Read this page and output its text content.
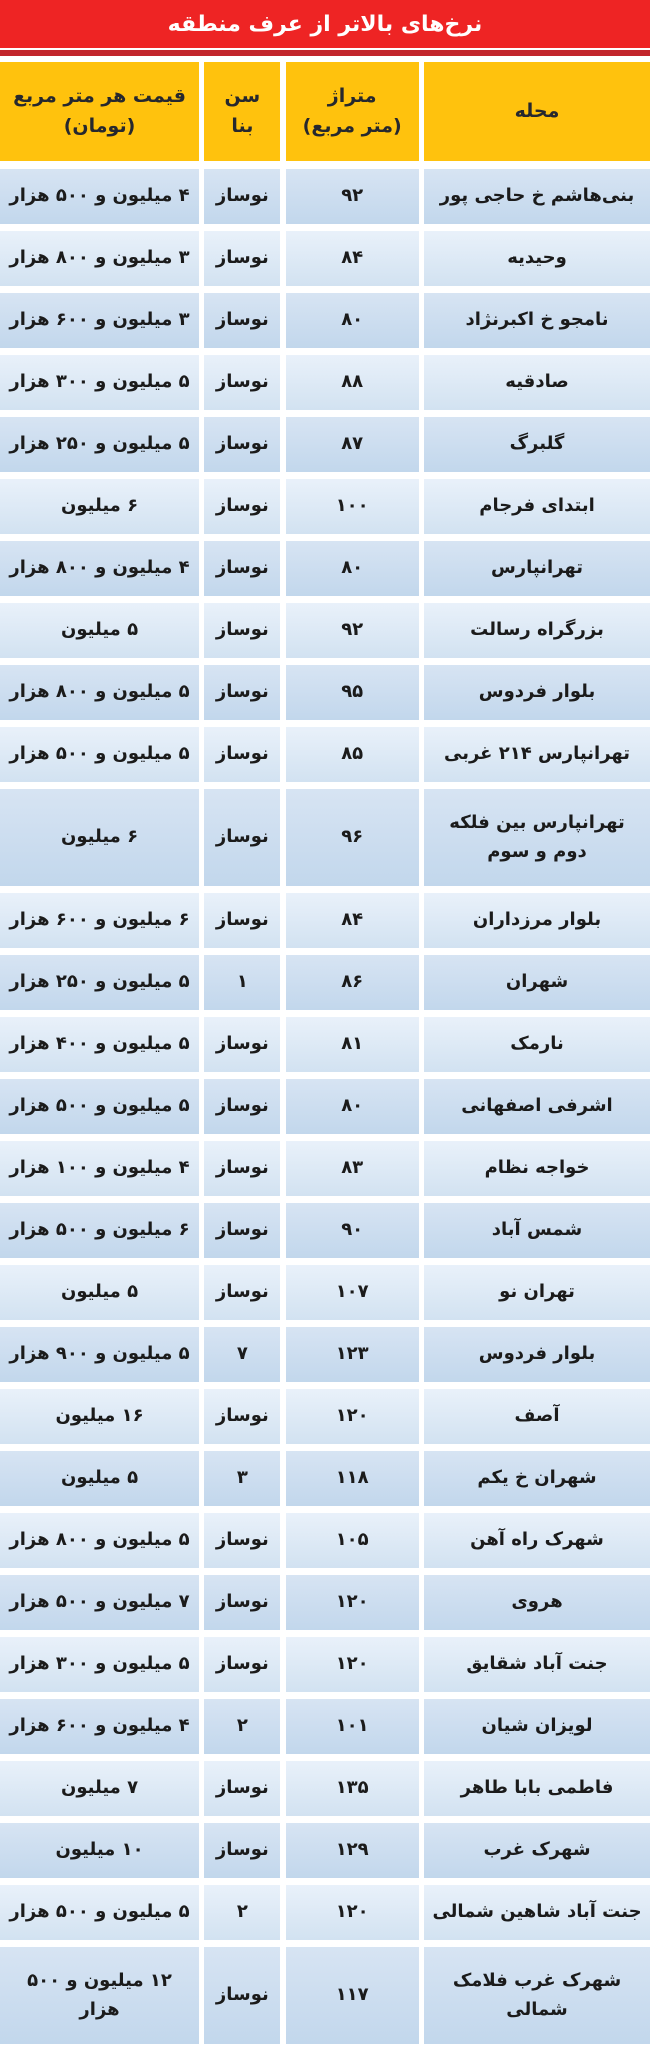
نرخ‌های بالاتر از عرف منطقه
محله
متراژ
(متر مربع)
سن بنا
قیمت هر متر مربع
(تومان)
بنی‌هاشم خ حاجی پور
۹۲
نوساز
۴ میلیون و ۵۰۰ هزار
وحیدیه
۸۴
نوساز
۳ میلیون و ۸۰۰ هزار
نامجو خ اکبرنژاد
۸۰
نوساز
۳ میلیون و ۶۰۰ هزار
صادقیه
۸۸
نوساز
۵ میلیون و ۳۰۰ هزار
گلبرگ
۸۷
نوساز
۵ میلیون و ۲۵۰ هزار
ابتدای فرجام
۱۰۰
نوساز
۶ میلیون
تهرانپارس
۸۰
نوساز
۴ میلیون و ۸۰۰ هزار
بزرگراه رسالت
۹۲
نوساز
۵ میلیون
بلوار فردوس
۹۵
نوساز
۵ میلیون و ۸۰۰ هزار
تهرانپارس ۲۱۴ غربی
۸۵
نوساز
۵ میلیون و ۵۰۰ هزار
تهرانپارس بین فلکه دوم و سوم
۹۶
نوساز
۶ میلیون
بلوار مرزداران
۸۴
نوساز
۶ میلیون و ۶۰۰ هزار
شهران
۸۶
۱
۵ میلیون و ۲۵۰ هزار
نارمک
۸۱
نوساز
۵ میلیون و ۴۰۰ هزار
اشرفی اصفهانی
۸۰
نوساز
۵ میلیون و ۵۰۰ هزار
خواجه نظام
۸۳
نوساز
۴ میلیون و ۱۰۰ هزار
شمس آباد
۹۰
نوساز
۶ میلیون و ۵۰۰ هزار
تهران نو
۱۰۷
نوساز
۵ میلیون
بلوار فردوس
۱۲۳
۷
۵ میلیون و ۹۰۰ هزار
آصف
۱۲۰
نوساز
۱۶ میلیون
شهران خ یکم
۱۱۸
۳
۵ میلیون
شهرک راه آهن
۱۰۵
نوساز
۵ میلیون و ۸۰۰ هزار
هروی
۱۲۰
نوساز
۷ میلیون و ۵۰۰ هزار
جنت آباد شقایق
۱۲۰
نوساز
۵ میلیون و ۳۰۰ هزار
لویزان شیان
۱۰۱
۲
۴ میلیون و ۶۰۰ هزار
فاطمی بابا طاهر
۱۳۵
نوساز
۷ میلیون
شهرک غرب
۱۲۹
نوساز
۱۰ میلیون
جنت آباد شاهین شمالی
۱۲۰
۲
۵ میلیون و ۵۰۰ هزار
شهرک غرب فلامک شمالی
۱۱۷
نوساز
۱۲ میلیون و ۵۰۰ هزار
